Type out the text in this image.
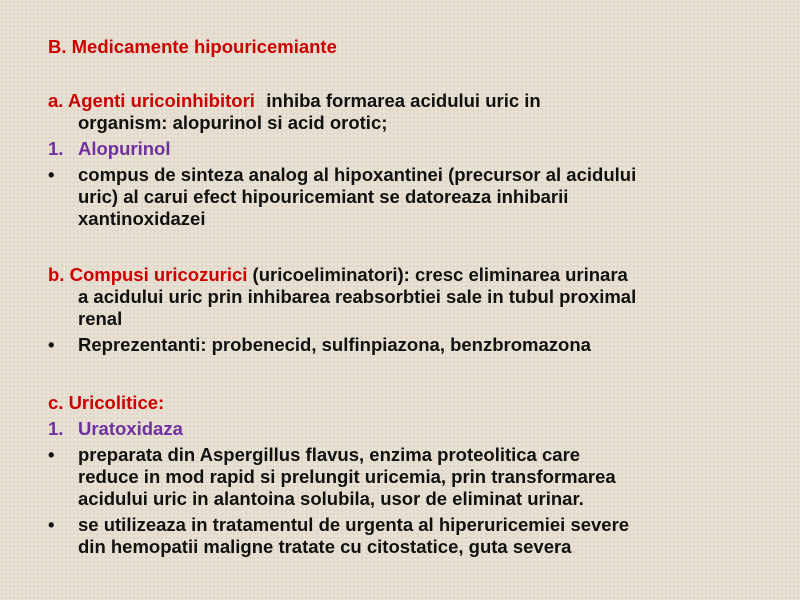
B. Medicamente hipouricemiante
a. Agenti uricoinhibitori: inhiba formarea acidului uric in
organism: alopurinol si acid orotic;
1. Alopurinol
• compus de sinteza analog al hipoxantinei (precursor al acidului
uric) al carui efect hipouricemiant se datoreaza inhibarii
xantinoxidazei
b. Compusi uricozurici (uricoeliminatori): cresc eliminarea urinara
a acidului uric prin inhibarea reabsorbtiei sale in tubul proximal
renal
• Reprezentanti: probenecid, sulfinpiazona, benzbromazona
c. Uricolitice:
1. Uratoxidaza
• preparata din Aspergillus flavus, enzima proteolitica care
reduce in mod rapid si prelungit uricemia, prin transformarea
acidului uric in alantoina solubila, usor de eliminat urinar.
• se utilizeaza in tratamentul de urgenta al hiperuricemiei severe
din hemopatii maligne tratate cu citostatice, guta severa.
